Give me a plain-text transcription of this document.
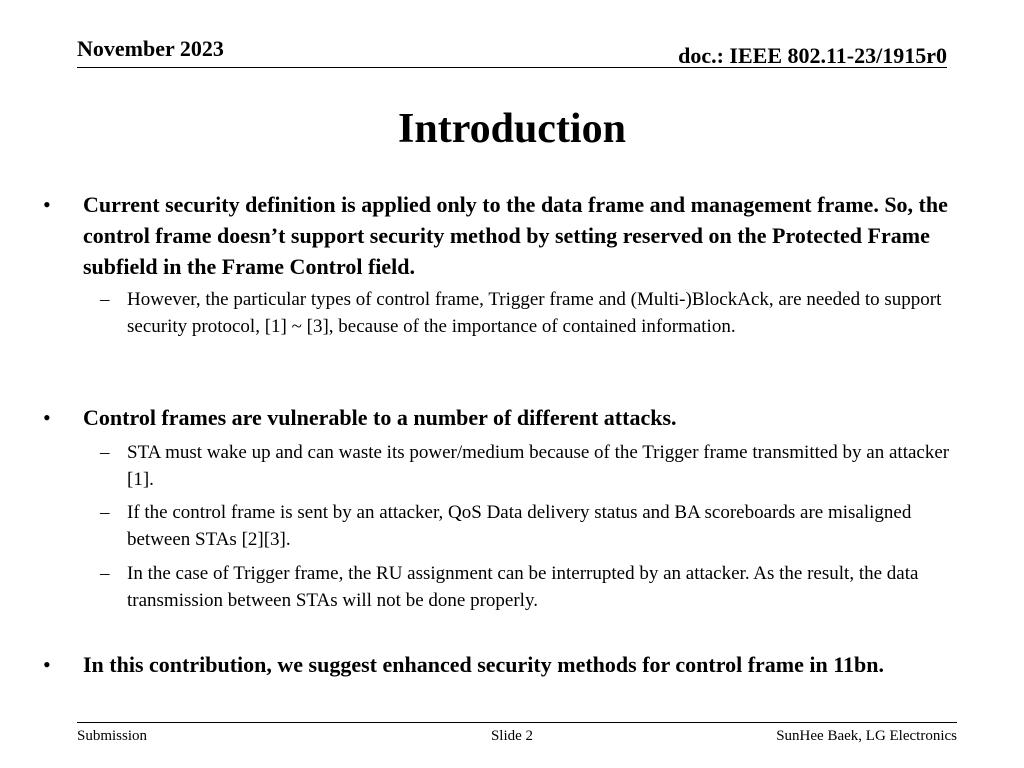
November 2023	doc.: IEEE 802.11-23/1915r0
Introduction
• Current security definition is applied only to the data frame and management frame. So, the control frame doesn’t support security method by setting reserved on the Protected Frame subfield in the Frame Control field.
– However, the particular types of control frame, Trigger frame and (Multi-)BlockAck, are needed to support security protocol, [1] ~ [3], because of the importance of contained information.
• Control frames are vulnerable to a number of different attacks.
– STA must wake up and can waste its power/medium because of the Trigger frame transmitted by an attacker [1].
– If the control frame is sent by an attacker, QoS Data delivery status and BA scoreboards are misaligned between STAs [2][3].
– In the case of Trigger frame, the RU assignment can be interrupted by an attacker. As the result, the data transmission between STAs will not be done properly.
• In this contribution, we suggest enhanced security methods for control frame in 11bn.
Submission	Slide 2	SunHee Baek, LG Electronics
